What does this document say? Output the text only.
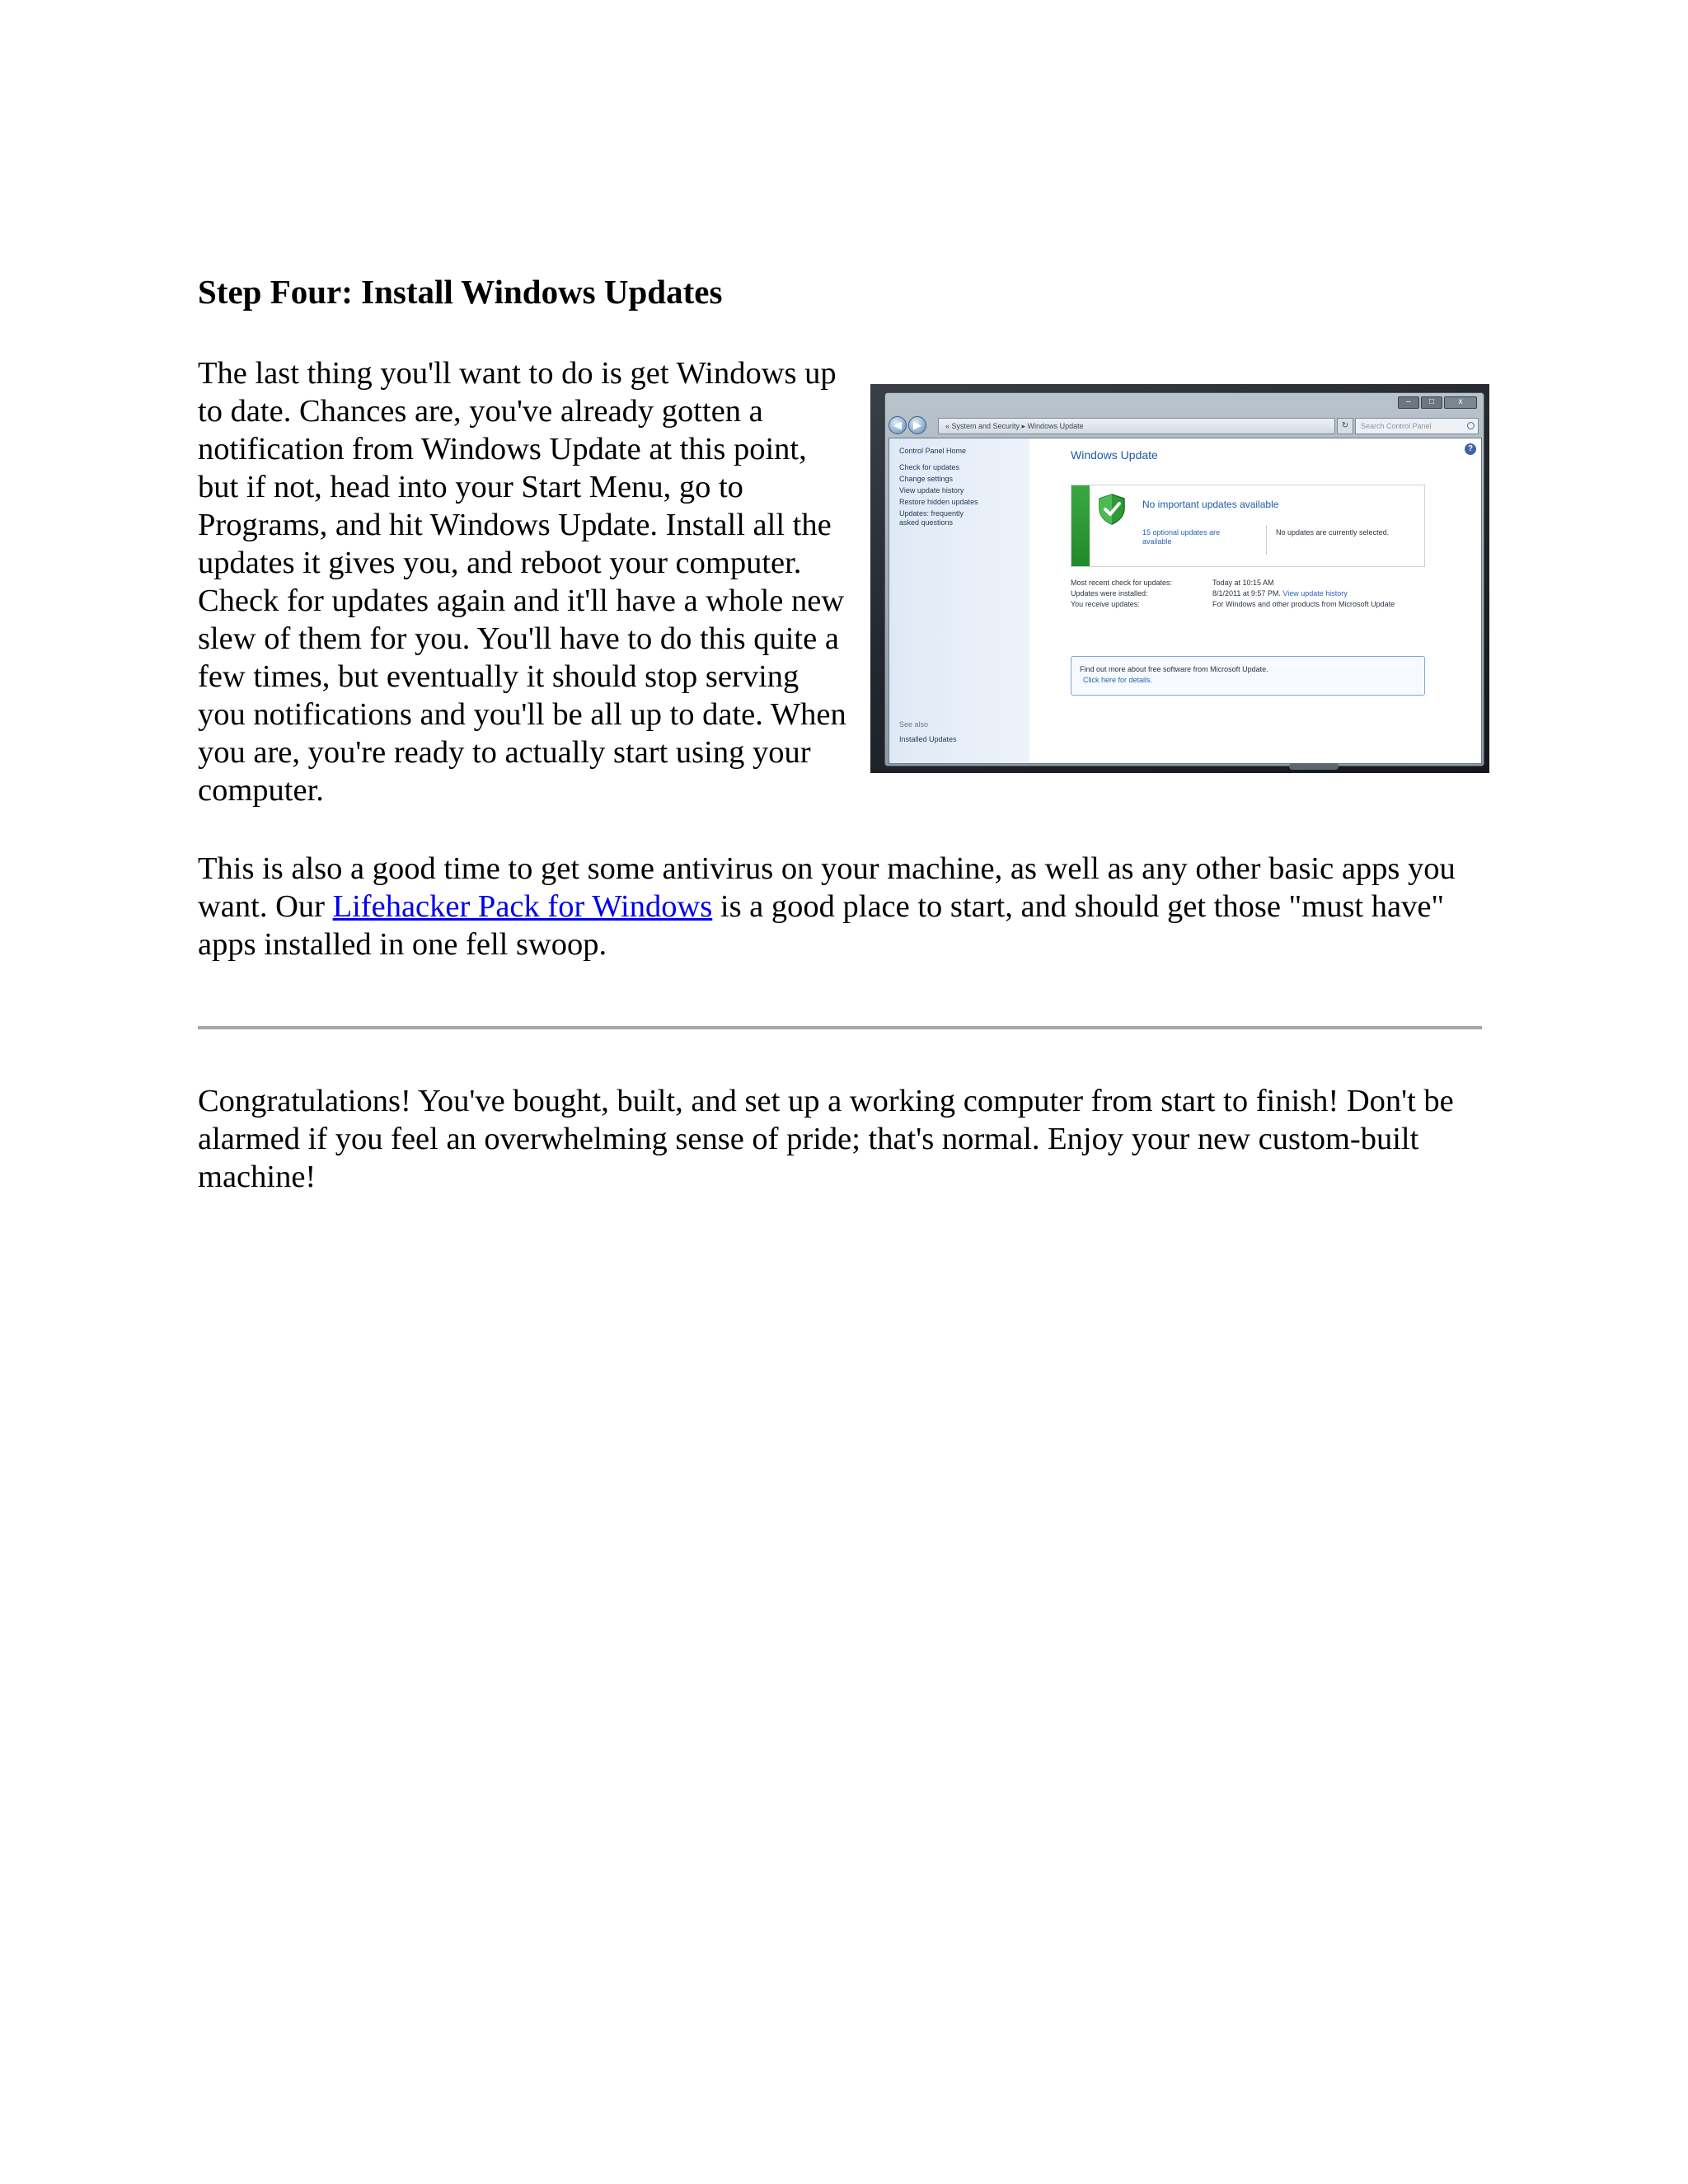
Step Four: Install Windows Updates

The last thing you'll want to do is get Windows up to date. Chances are, you've already gotten a notification from Windows Update at this point, but if not, head into your Start Menu, go to Programs, and hit Windows Update. Install all the updates it gives you, and reboot your computer. Check for updates again and it'll have a whole new slew of them for you. You'll have to do this quite a few times, but eventually it should stop serving you notifications and you'll be all up to date. When you are, you're ready to actually start using your computer.

–	□	x
◀	▶	« System and Security ▸ Windows Update	↻	Search Control Panel
Control Panel Home
Check for updates
Change settings
View update history
Restore hidden updates
Updates: frequently asked questions
See also
Installed Updates
?
Windows Update
No important updates available
15 optional updates are available
No updates are currently selected.
Most recent check for updates:	Today at 10:15 AM
Updates were installed:	8/1/2011 at 9:57 PM. View update history
You receive updates:	For Windows and other products from Microsoft Update
Find out more about free software from Microsoft Update.
Click here for details.

This is also a good time to get some antivirus on your machine, as well as any other basic apps you want. Our Lifehacker Pack for Windows is a good place to start, and should get those "must have" apps installed in one fell swoop.

Congratulations! You've bought, built, and set up a working computer from start to finish! Don't be alarmed if you feel an overwhelming sense of pride; that's normal. Enjoy your new custom-built machine!
